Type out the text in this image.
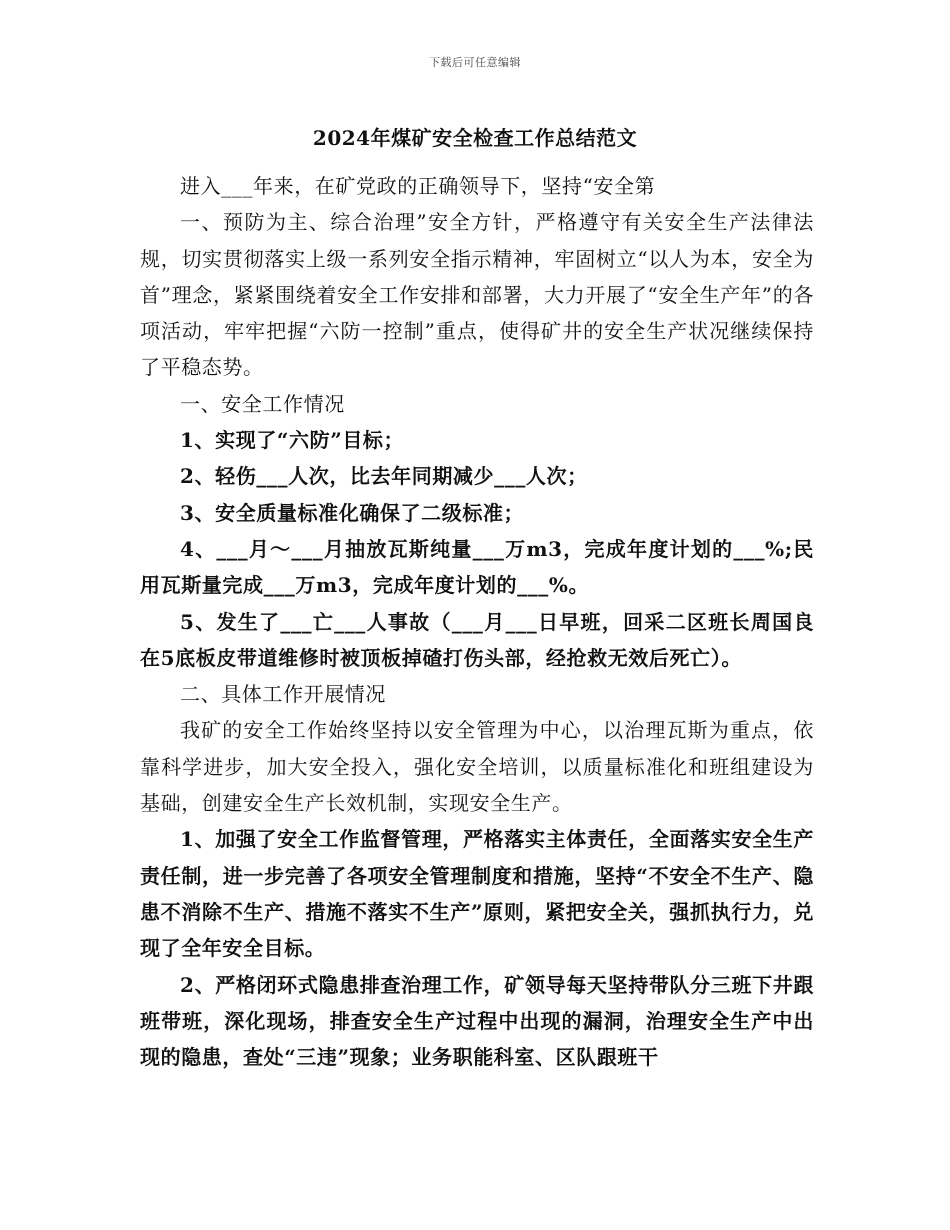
下载后可任意编辑
2024年煤矿安全检查工作总结范文

进入___年来，在矿党政的正确领导下，坚持“安全第

一、预防为主、综合治理”安全方针，严格遵守有关安全生产法律法规，切实贯彻落实上级一系列安全指示精神，牢固树立“以人为本，安全为首”理念，紧紧围绕着安全工作安排和部署，大力开展了“安全生产年”的各项活动，牢牢把握“六防一控制”重点，使得矿井的安全生产状况继续保持了平稳态势。

一、安全工作情况

1、实现了“六防”目标；

2、轻伤___人次，比去年同期减少___人次；

3、安全质量标准化确保了二级标准；

4、___月～___月抽放瓦斯纯量___万m3，完成年度计划的___%;民用瓦斯量完成___万m3，完成年度计划的___%。

5、发生了___亡___人事故（___月___日早班，回采二区班长周国良在5底板皮带道维修时被顶板掉碴打伤头部，经抢救无效后死亡）。

二、具体工作开展情况

我矿的安全工作始终坚持以安全管理为中心，以治理瓦斯为重点，依靠科学进步，加大安全投入，强化安全培训，以质量标准化和班组建设为基础，创建安全生产长效机制，实现安全生产。

1、加强了安全工作监督管理，严格落实主体责任，全面落实安全生产责任制，进一步完善了各项安全管理制度和措施，坚持“不安全不生产、隐患不消除不生产、措施不落实不生产”原则，紧把安全关，强抓执行力，兑现了全年安全目标。

2、严格闭环式隐患排查治理工作，矿领导每天坚持带队分三班下井跟班带班，深化现场，排查安全生产过程中出现的漏洞，治理安全生产中出现的隐患，查处“三违”现象；业务职能科室、区队跟班干
